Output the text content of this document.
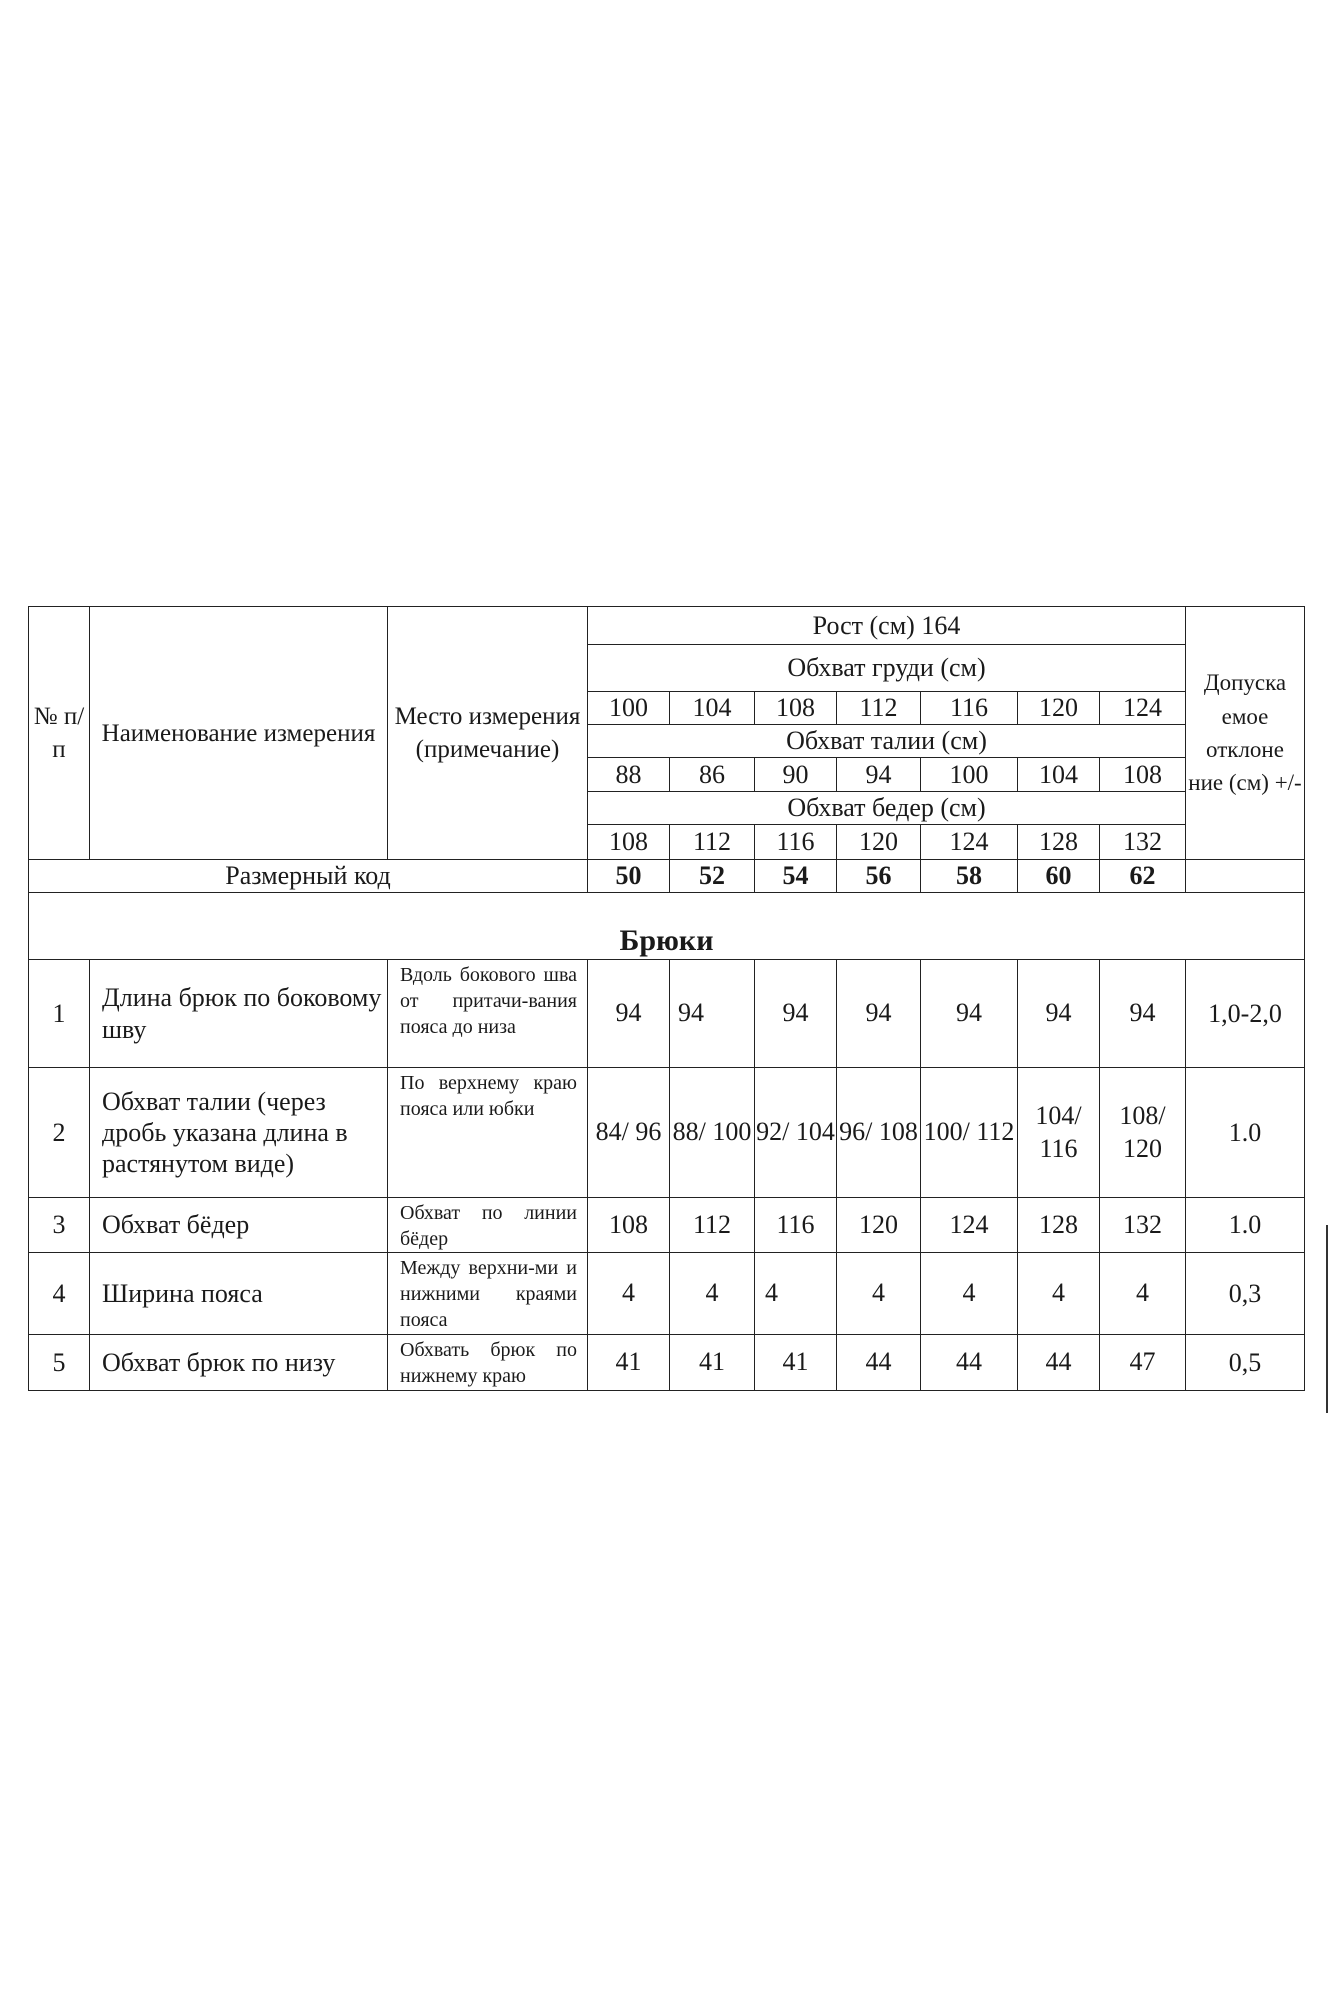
№ п/ п	Наименование измерения	Место измерения (примечание)	Рост (см) 164							Допуска емое отклоне ние (см) +/-
			Обхват груди (см)							
			100	104	108	112	116	120	124	
			Обхват талии (см)							
			88	86	90	94	100	104	108	
			Обхват бедер (см)							
			108	112	116	120	124	128	132	
Размерный код			50	52	54	56	58	60	62	
Брюки										
1	Длина брюк по боковому шву	Вдоль бокового шва от притачи-вания пояса до низа	94	94	94	94	94	94	94	1,0-2,0
2	Обхват талии (через дробь указана длина в растянутом виде)	По верхнему краю пояса или юбки	84/ 96	88/ 100	92/ 104	96/ 108	100/ 112	104/ 116	108/ 120	1.0
3	Обхват бёдер	Обхват по линии бёдер	108	112	116	120	124	128	132	1.0
4	Ширина пояса	Между верхни-ми и нижними краями пояса	4	4	4	4	4	4	4	0,3
5	Обхват брюк по низу	Обхвать брюк по нижнему краю	41	41	41	44	44	44	47	0,5
